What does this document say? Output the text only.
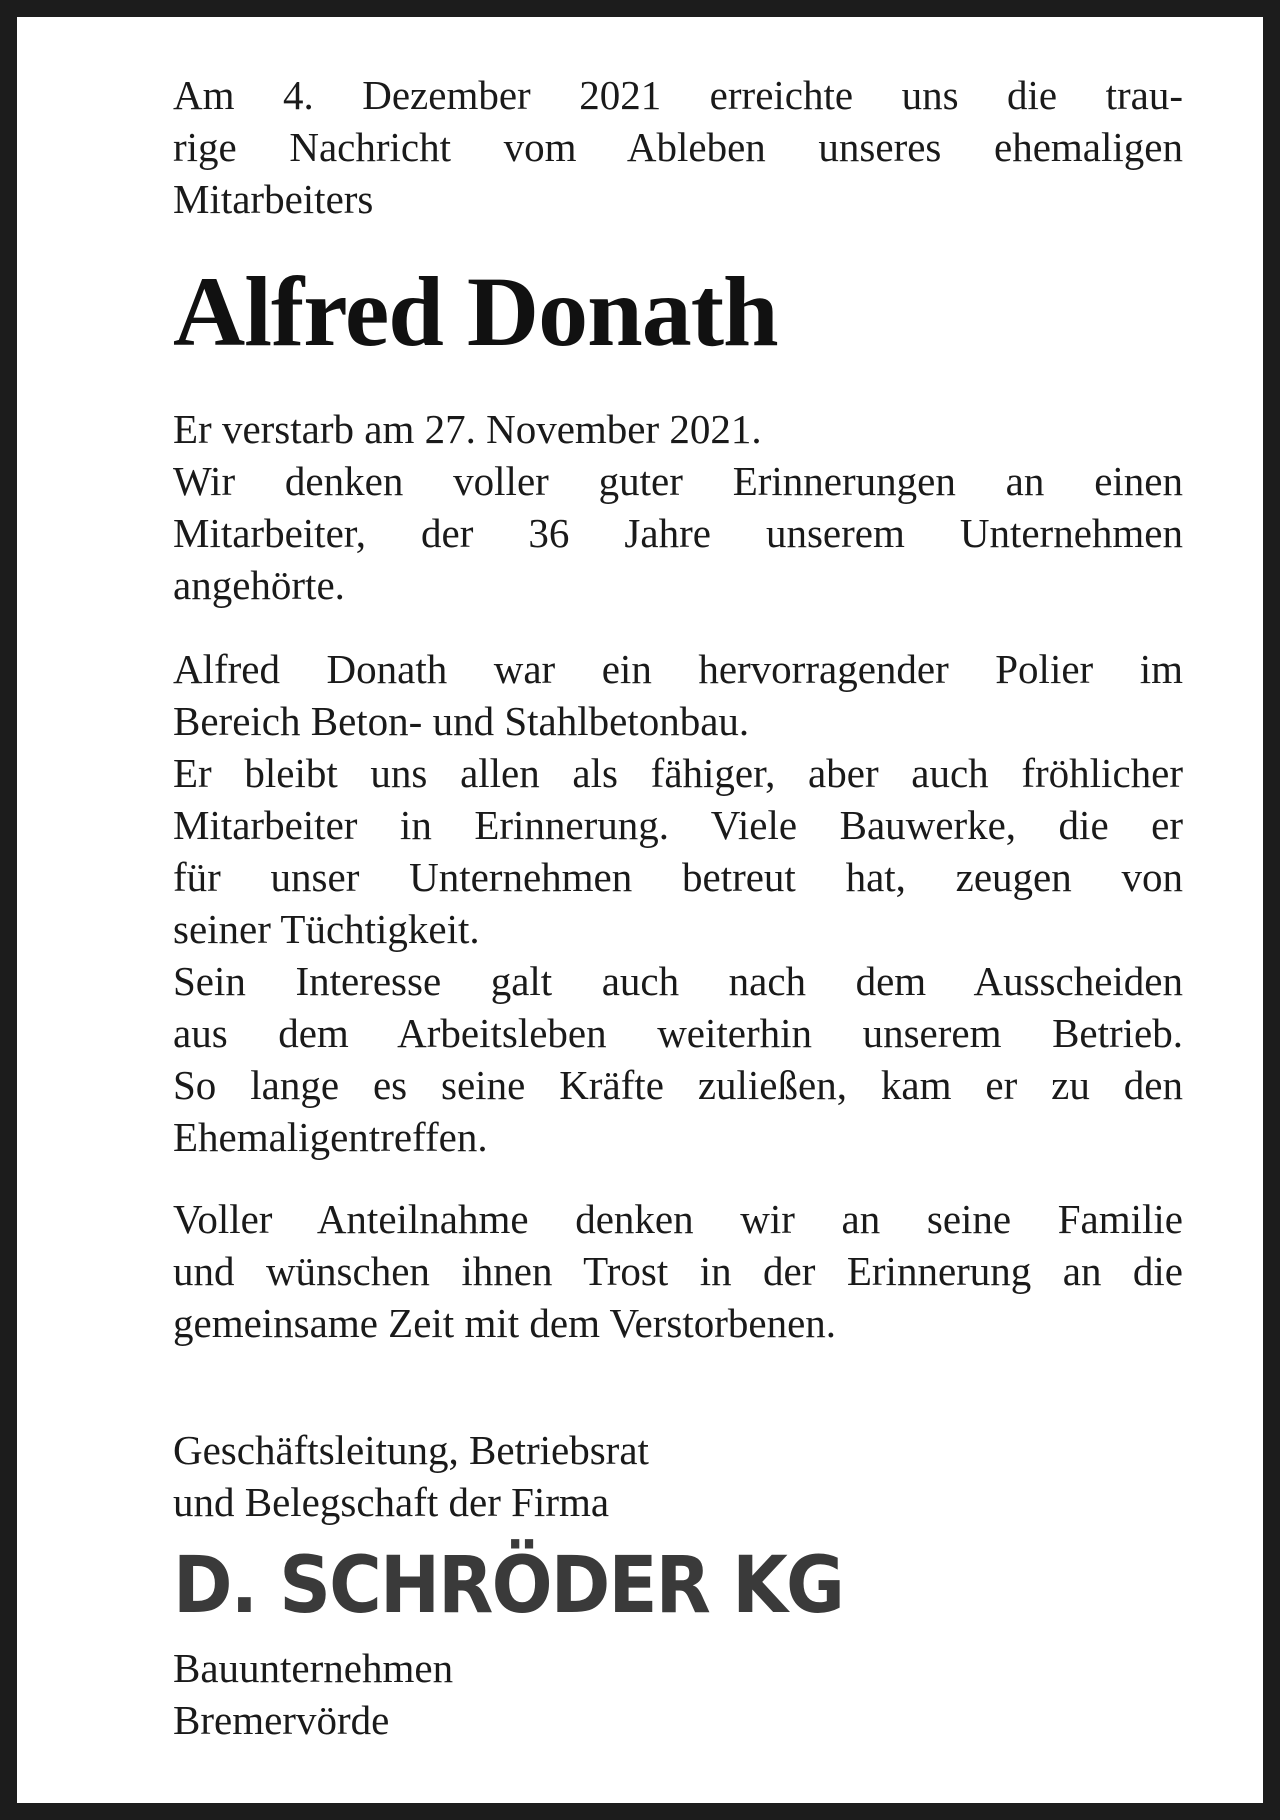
Am 4. Dezember 2021 erreichte uns die trau-
rige Nachricht vom Ableben unseres ehemaligen
Mitarbeiters

Alfred Donath

Er verstarb am 27. November 2021.
Wir denken voller guter Erinnerungen an einen
Mitarbeiter, der 36 Jahre unserem Unternehmen
angehörte.

Alfred Donath war ein hervorragender Polier im
Bereich Beton- und Stahlbetonbau.
Er bleibt uns allen als fähiger, aber auch fröhlicher
Mitarbeiter in Erinnerung. Viele Bauwerke, die er
für unser Unternehmen betreut hat, zeugen von
seiner Tüchtigkeit.
Sein Interesse galt auch nach dem Ausscheiden
aus dem Arbeitsleben weiterhin unserem Betrieb.
So lange es seine Kräfte zuließen, kam er zu den
Ehemaligentreffen.

Voller Anteilnahme denken wir an seine Familie
und wünschen ihnen Trost in der Erinnerung an die
gemeinsame Zeit mit dem Verstorbenen.

Geschäftsleitung, Betriebsrat
und Belegschaft der Firma

D. SCHRÖDER KG

Bauunternehmen
Bremervörde
